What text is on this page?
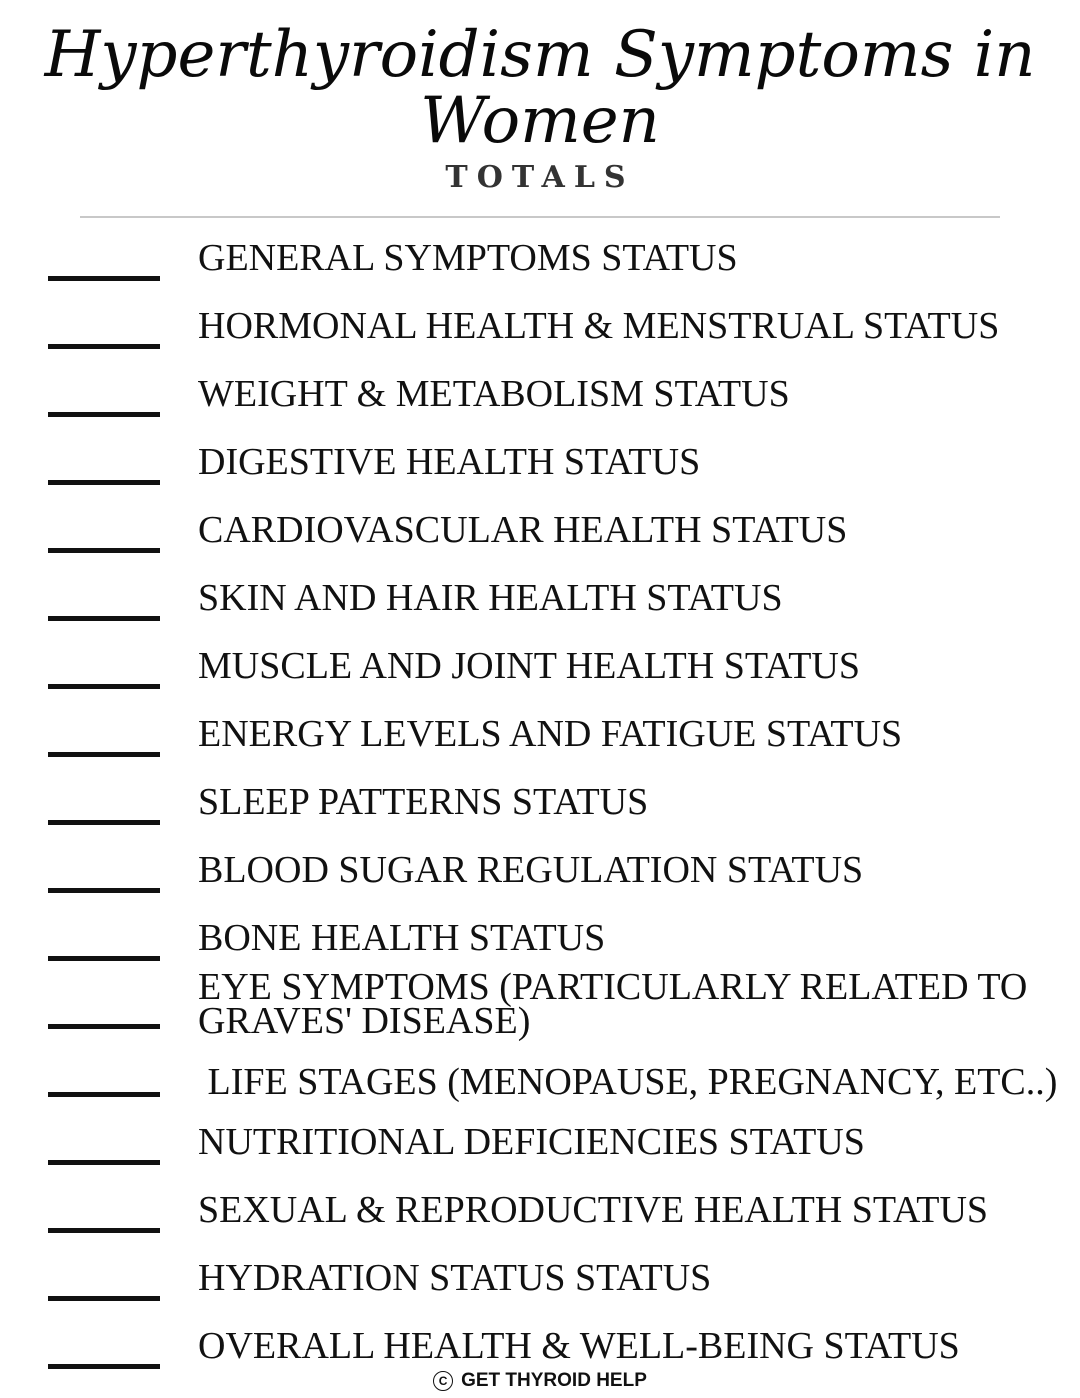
Hyperthyroidism Symptoms in Women
TOTALS
GENERAL SYMPTOMS STATUS
HORMONAL HEALTH & MENSTRUAL STATUS
WEIGHT & METABOLISM STATUS
DIGESTIVE HEALTH STATUS
CARDIOVASCULAR HEALTH STATUS
SKIN AND HAIR HEALTH STATUS
MUSCLE AND JOINT HEALTH STATUS
ENERGY LEVELS AND FATIGUE STATUS
SLEEP PATTERNS STATUS
BLOOD SUGAR REGULATION STATUS
BONE HEALTH STATUS
EYE SYMPTOMS (PARTICULARLY RELATED TO GRAVES' DISEASE)
LIFE STAGES (MENOPAUSE, PREGNANCY, ETC..)
NUTRITIONAL DEFICIENCIES STATUS
SEXUAL & REPRODUCTIVE HEALTH STATUS
HYDRATION STATUS STATUS
OVERALL HEALTH & WELL-BEING STATUS
C GET THYROID HELP
